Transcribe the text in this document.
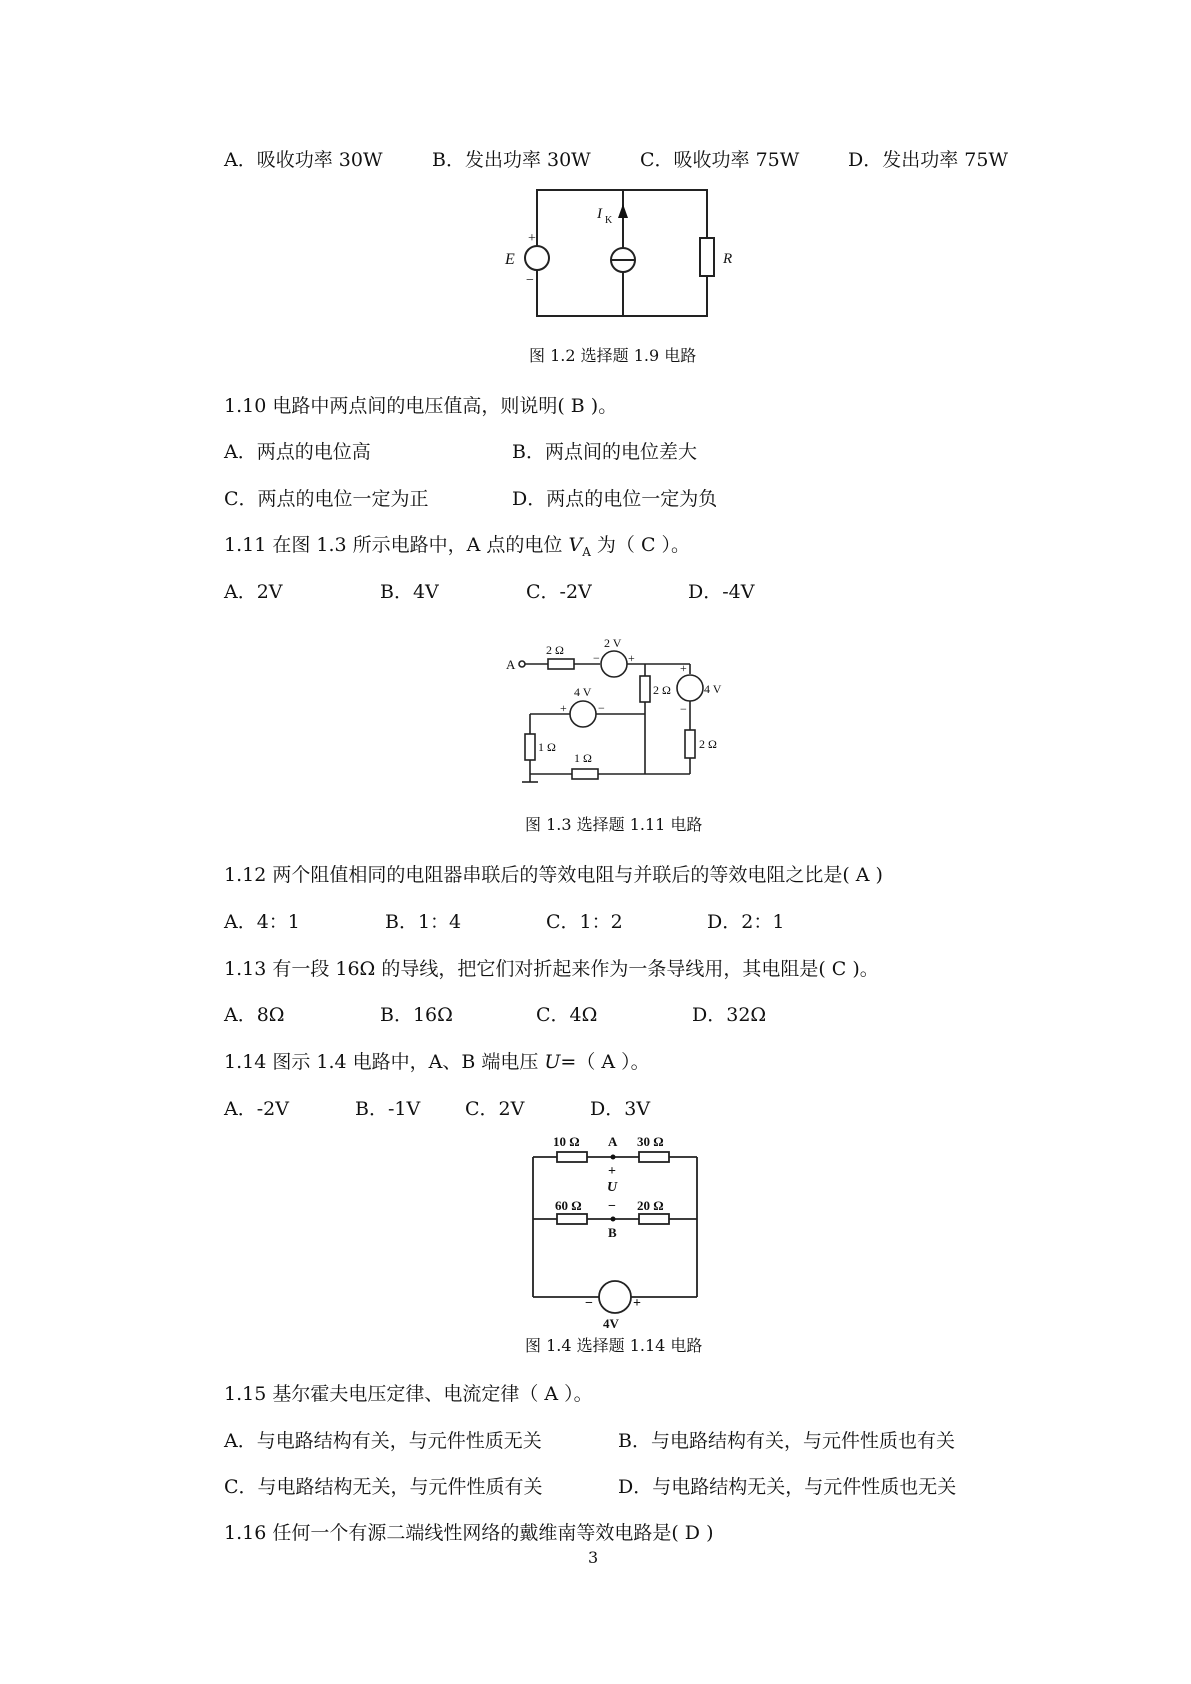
A．吸收功率 30W	B．发出功率 30W	C．吸收功率 75W	D．发出功率 75W
+
−
E
I K
R
图 1.2 选择题 1.9 电路
1.10 电路中两点间的电压值高，则说明( B )。
A．两点的电位高	B．两点间的电位差大
C．两点的电位一定为正	D．两点的电位一定为负
1.11 在图 1.3 所示电路中，A 点的电位 $V_A$ 为（ C ）。
A．2V	B．4V	C．-2V	D．-4V
A
2 Ω	2 V
− +
4 V
+	−
2 Ω
+
−
4 V
2 Ω
1 Ω
1 Ω
图 1.3 选择题 1.11 电路
1.12 两个阻值相同的电阻器串联后的等效电阻与并联后的等效电阻之比是( A )
A．4：1	B．1：4	C．1：2	D．2：1
1.13 有一段 16Ω 的导线，把它们对折起来作为一条导线用，其电阻是( C )。
A．8Ω	B．16Ω	C．4Ω	D．32Ω
1.14 图示 1.4 电路中，A、B 端电压 U=（ A ）。
A．-2V	B．-1V C．2V	D．3V
10 Ω A 30 Ω
+
U
−
60 Ω	20 Ω
B
−	+
4V
图 1.4 选择题 1.14 电路
1.15 基尔霍夫电压定律、电流定律（ A ）。
A．与电路结构有关，与元件性质无关	B．与电路结构有关，与元件性质也有关
C．与电路结构无关，与元件性质有关	D．与电路结构无关，与元件性质也无关
1.16 任何一个有源二端线性网络的戴维南等效电路是( D )
3
